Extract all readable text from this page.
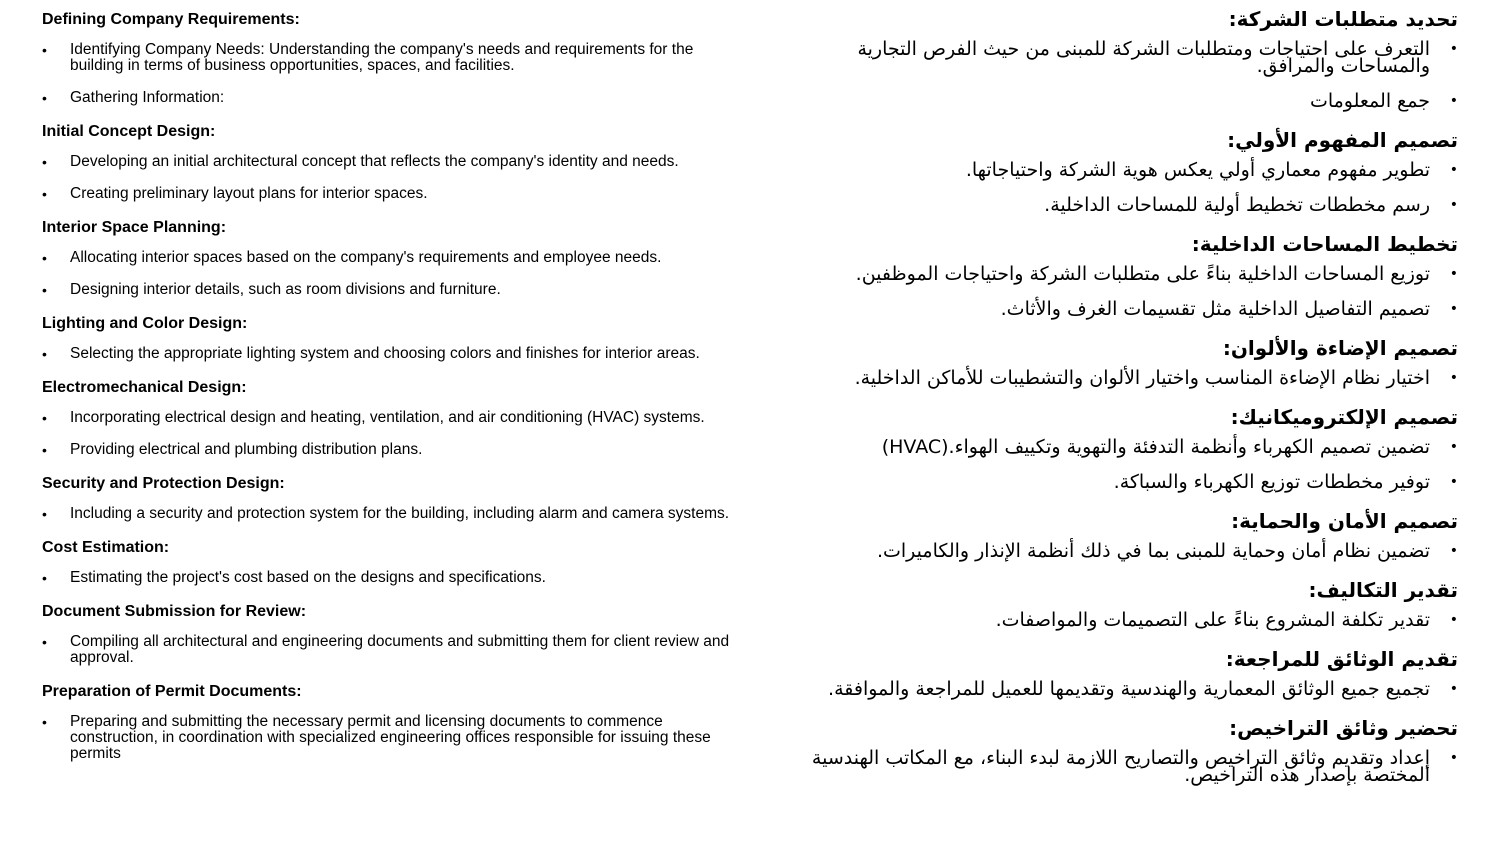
Defining Company Requirements:
• Identifying Company Needs: Understanding the company's needs and requirements for the building in terms of business opportunities, spaces, and facilities.
• Gathering Information:
Initial Concept Design:
• Developing an initial architectural concept that reflects the company's identity and needs.
• Creating preliminary layout plans for interior spaces.
Interior Space Planning:
• Allocating interior spaces based on the company's requirements and employee needs.
• Designing interior details, such as room divisions and furniture.
Lighting and Color Design:
• Selecting the appropriate lighting system and choosing colors and finishes for interior areas.
Electromechanical Design:
• Incorporating electrical design and heating, ventilation, and air conditioning (HVAC) systems.
• Providing electrical and plumbing distribution plans.
Security and Protection Design:
• Including a security and protection system for the building, including alarm and camera systems.
Cost Estimation:
• Estimating the project's cost based on the designs and specifications.
Document Submission for Review:
• Compiling all architectural and engineering documents and submitting them for client review and approval.
Preparation of Permit Documents:
• Preparing and submitting the necessary permit and licensing documents to commence construction, in coordination with specialized engineering offices responsible for issuing these permits
تحديد متطلبات الشركة:
•
التعرف على احتياجات ومتطلبات الشركة للمبنى من حيث الفرص التجارية والمساحات والمرافق.
•
جمع المعلومات
تصميم المفهوم الأولي:
•
تطوير مفهوم معماري أولي يعكس هوية الشركة واحتياجاتها.
•
رسم مخططات تخطيط أولية للمساحات الداخلية.
تخطيط المساحات الداخلية:
•
توزيع المساحات الداخلية بناءً على متطلبات الشركة واحتياجات الموظفين.
•
تصميم التفاصيل الداخلية مثل تقسيمات الغرف والأثاث.
تصميم الإضاءة والألوان:
•
اختيار نظام الإضاءة المناسب واختيار الألوان والتشطيبات للأماكن الداخلية.
تصميم الإلكتروميكانيك:
•
تضمين تصميم الكهرباء وأنظمة التدفئة والتهوية وتكييف الهواء.(HVAC)
•
توفير مخططات توزيع الكهرباء والسباكة.
تصميم الأمان والحماية:
•
تضمين نظام أمان وحماية للمبنى بما في ذلك أنظمة الإنذار والكاميرات.
تقدير التكاليف:
•
تقدير تكلفة المشروع بناءً على التصميمات والمواصفات.
تقديم الوثائق للمراجعة:
•
تجميع جميع الوثائق المعمارية والهندسية وتقديمها للعميل للمراجعة والموافقة.
تحضير وثائق التراخيص:
•
إعداد وتقديم وثائق التراخيص والتصاريح اللازمة لبدء البناء، مع المكاتب الهندسية المختصة بإصدار هذه التراخيص.
